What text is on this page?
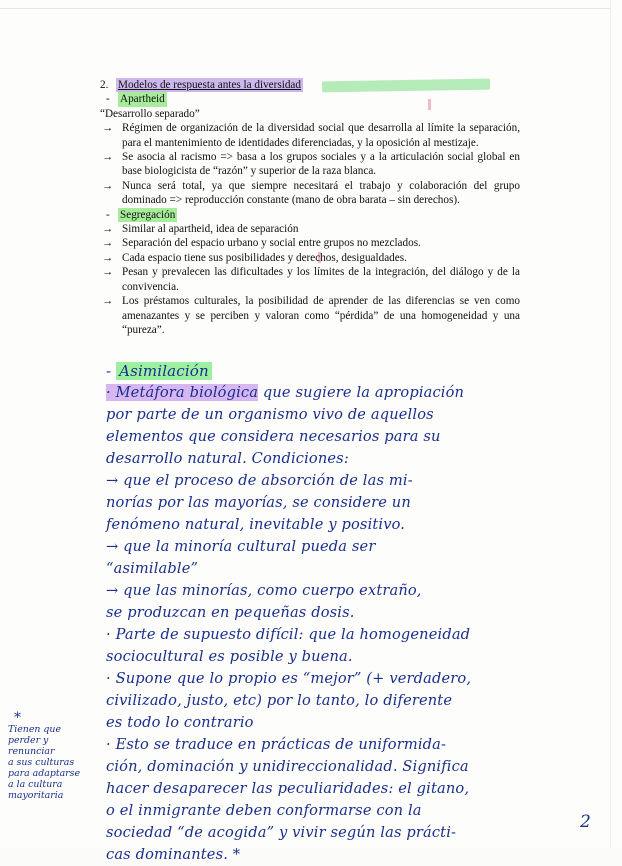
2. Modelos de respuesta antes la diversidad
- Apartheid
“Desarrollo separado”
→ Régimen de organización de la diversidad social que desarrolla al límite la separación, para el mantenimiento de identidades diferenciadas, y la oposición al mestizaje.
→ Se asocia al racismo => basa a los grupos sociales y a la articulación social global en base biologicista de “razón” y superior de la raza blanca.
→ Nunca será total, ya que siempre necesitará el trabajo y colaboración del grupo dominado => reproducción constante (mano de obra barata – sin derechos).
- Segregación
→ Similar al apartheid, idea de separación
→ Separación del espacio urbano y social entre grupos no mezclados.
→ Cada espacio tiene sus posibilidades y derechos, desigualdades.
→ Pesan y prevalecen las dificultades y los límites de la integración, del diálogo y de la convivencia.
→ Los préstamos culturales, la posibilidad de aprender de las diferencias se ven como amenazantes y se perciben y valoran como “pérdida” de una homogeneidad y una “pureza”.
- Asimilación
· Metáfora biológica que sugiere la apropiación
por parte de un organismo vivo de aquellos
elementos que considera necesarios para su
desarrollo natural. Condiciones:
→ que el proceso de absorción de las mi-
norías por las mayorías, se considere un
fenómeno natural, inevitable y positivo.
→ que la minoría cultural pueda ser
“asimilable”
→ que las minorías, como cuerpo extraño,
se produzcan en pequeñas dosis.
· Parte de supuesto difícil: que la homogeneidad
sociocultural es posible y buena.
· Supone que lo propio es “mejor” (+ verdadero,
civilizado, justo, etc) por lo tanto, lo diferente
es todo lo contrario
· Esto se traduce en prácticas de uniformida-
ción, dominación y unidireccionalidad. Significa
hacer desaparecer las peculiaridades: el gitano,
o el inmigrante deben conformarse con la
sociedad “de acogida” y vivir según las prácti-
cas dominantes. *
*
Tienen que
perder y renunciar
a sus culturas
para adaptarse
a la cultura
mayoritaria
2
